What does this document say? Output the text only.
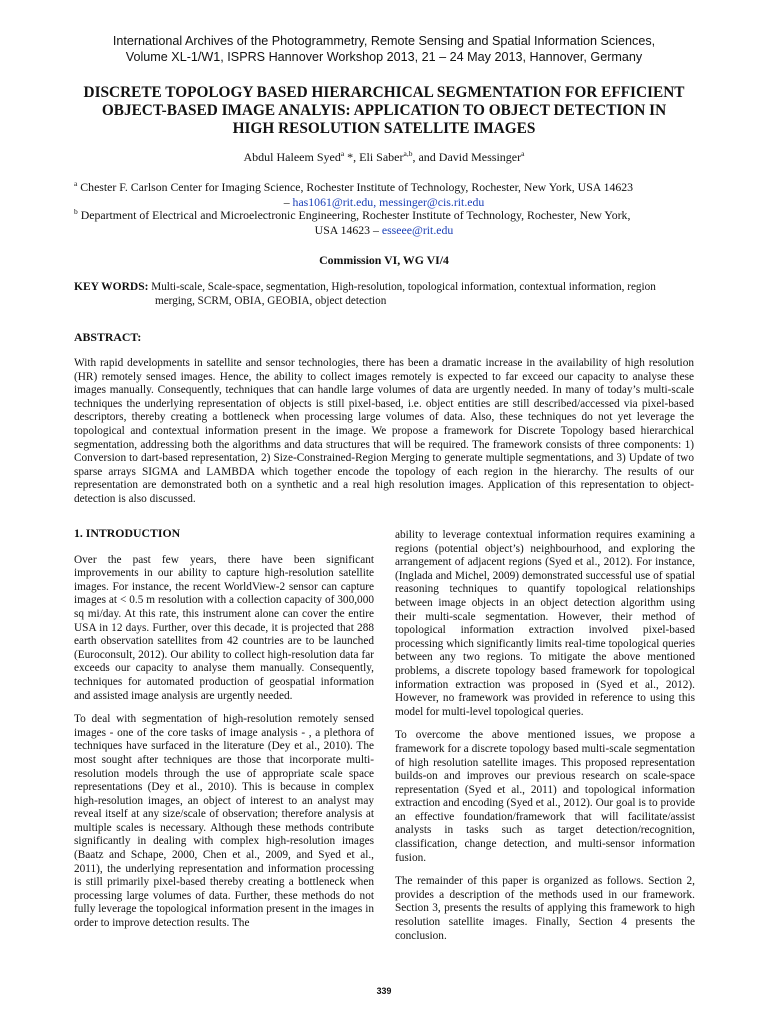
International Archives of the Photogrammetry, Remote Sensing and Spatial Information Sciences,
Volume XL-1/W1, ISPRS Hannover Workshop 2013, 21 – 24 May 2013, Hannover, Germany
DISCRETE TOPOLOGY BASED HIERARCHICAL SEGMENTATION FOR EFFICIENT
OBJECT-BASED IMAGE ANALYIS: APPLICATION TO OBJECT DETECTION IN
HIGH RESOLUTION SATELLITE IMAGES
Abdul Haleem Syed$^a$ *, Eli Saber$^{a,b}$, and David Messinger$^a$
$^a$ Chester F. Carlson Center for Imaging Science, Rochester Institute of Technology, Rochester, New York, USA 14623
– has1061@rit.edu, messinger@cis.rit.edu
$^b$ Department of Electrical and Microelectronic Engineering, Rochester Institute of Technology, Rochester, New York,
USA 14623 – esseee@rit.edu
Commission VI, WG VI/4
KEY WORDS: Multi-scale, Scale-space, segmentation, High-resolution, topological information, contextual information, region
merging, SCRM, OBIA, GEOBIA, object detection
ABSTRACT:

With rapid developments in satellite and sensor technologies, there has been a dramatic increase in the availability of high resolution (HR) remotely sensed images. Hence, the ability to collect images remotely is expected to far exceed our capacity to analyse these images manually. Consequently, techniques that can handle large volumes of data are urgently needed. In many of today’s multi-scale techniques the underlying representation of objects is still pixel-based, i.e. object entities are still described/accessed via pixel-based descriptors, thereby creating a bottleneck when processing large volumes of data. Also, these techniques do not yet leverage the topological and contextual information present in the image. We propose a framework for Discrete Topology based hierarchical segmentation, addressing both the algorithms and data structures that will be required. The framework consists of three components: 1) Conversion to dart-based representation, 2) Size-Constrained-Region Merging to generate multiple segmentations, and 3) Update of two sparse arrays SIGMA and LAMBDA which together encode the topology of each region in the hierarchy. The results of our representation are demonstrated both on a synthetic and a real high resolution images. Application of this representation to object-detection is also discussed.

1. INTRODUCTION

Over the past few years, there have been significant improvements in our ability to capture high-resolution satellite images. For instance, the recent WorldView-2 sensor can capture images at < 0.5 m resolution with a collection capacity of 300,000 sq mi/day. At this rate, this instrument alone can cover the entire USA in 12 days. Further, over this decade, it is projected that 288 earth observation satellites from 42 countries are to be launched (Euroconsult, 2012). Our ability to collect high-resolution data far exceeds our capacity to analyse them manually. Consequently, techniques for automated production of geospatial information and assisted image analysis are urgently needed.

To deal with segmentation of high-resolution remotely sensed images - one of the core tasks of image analysis - , a plethora of techniques have surfaced in the literature (Dey et al., 2010). The most sought after techniques are those that incorporate multi-resolution models through the use of appropriate scale space representations (Dey et al., 2010). This is because in complex high-resolution images, an object of interest to an analyst may reveal itself at any size/scale of observation; therefore analysis at multiple scales is necessary. Although these methods contribute significantly in dealing with complex high-resolution images (Baatz and Schape, 2000, Chen et al., 2009, and Syed et al., 2011), the underlying representation and information processing is still primarily pixel-based thereby creating a bottleneck when processing large volumes of data. Further, these methods do not fully leverage the topological information present in the images in order to improve detection results. The

ability to leverage contextual information requires examining a regions (potential object’s) neighbourhood, and exploring the arrangement of adjacent regions (Syed et al., 2012). For instance, (Inglada and Michel, 2009) demonstrated successful use of spatial reasoning techniques to quantify topological relationships between image objects in an object detection algorithm using their multi-scale segmentation. However, their method of topological information extraction involved pixel-based processing which significantly limits real-time topological queries between any two regions. To mitigate the above mentioned problems, a discrete topology based framework for topological information extraction was proposed in (Syed et al., 2012). However, no framework was provided in reference to using this model for multi-level topological queries.

To overcome the above mentioned issues, we propose a framework for a discrete topology based multi-scale segmentation of high resolution satellite images. This proposed representation builds-on and improves our previous research on scale-space representation (Syed et al., 2011) and topological information extraction and encoding (Syed et al., 2012). Our goal is to provide an effective foundation/framework that will facilitate/assist analysts in tasks such as target detection/recognition, classification, change detection, and multi-sensor information fusion.

The remainder of this paper is organized as follows. Section 2, provides a description of the methods used in our framework. Section 3, presents the results of applying this framework to high resolution satellite images. Finally, Section 4 presents the conclusion.

339
